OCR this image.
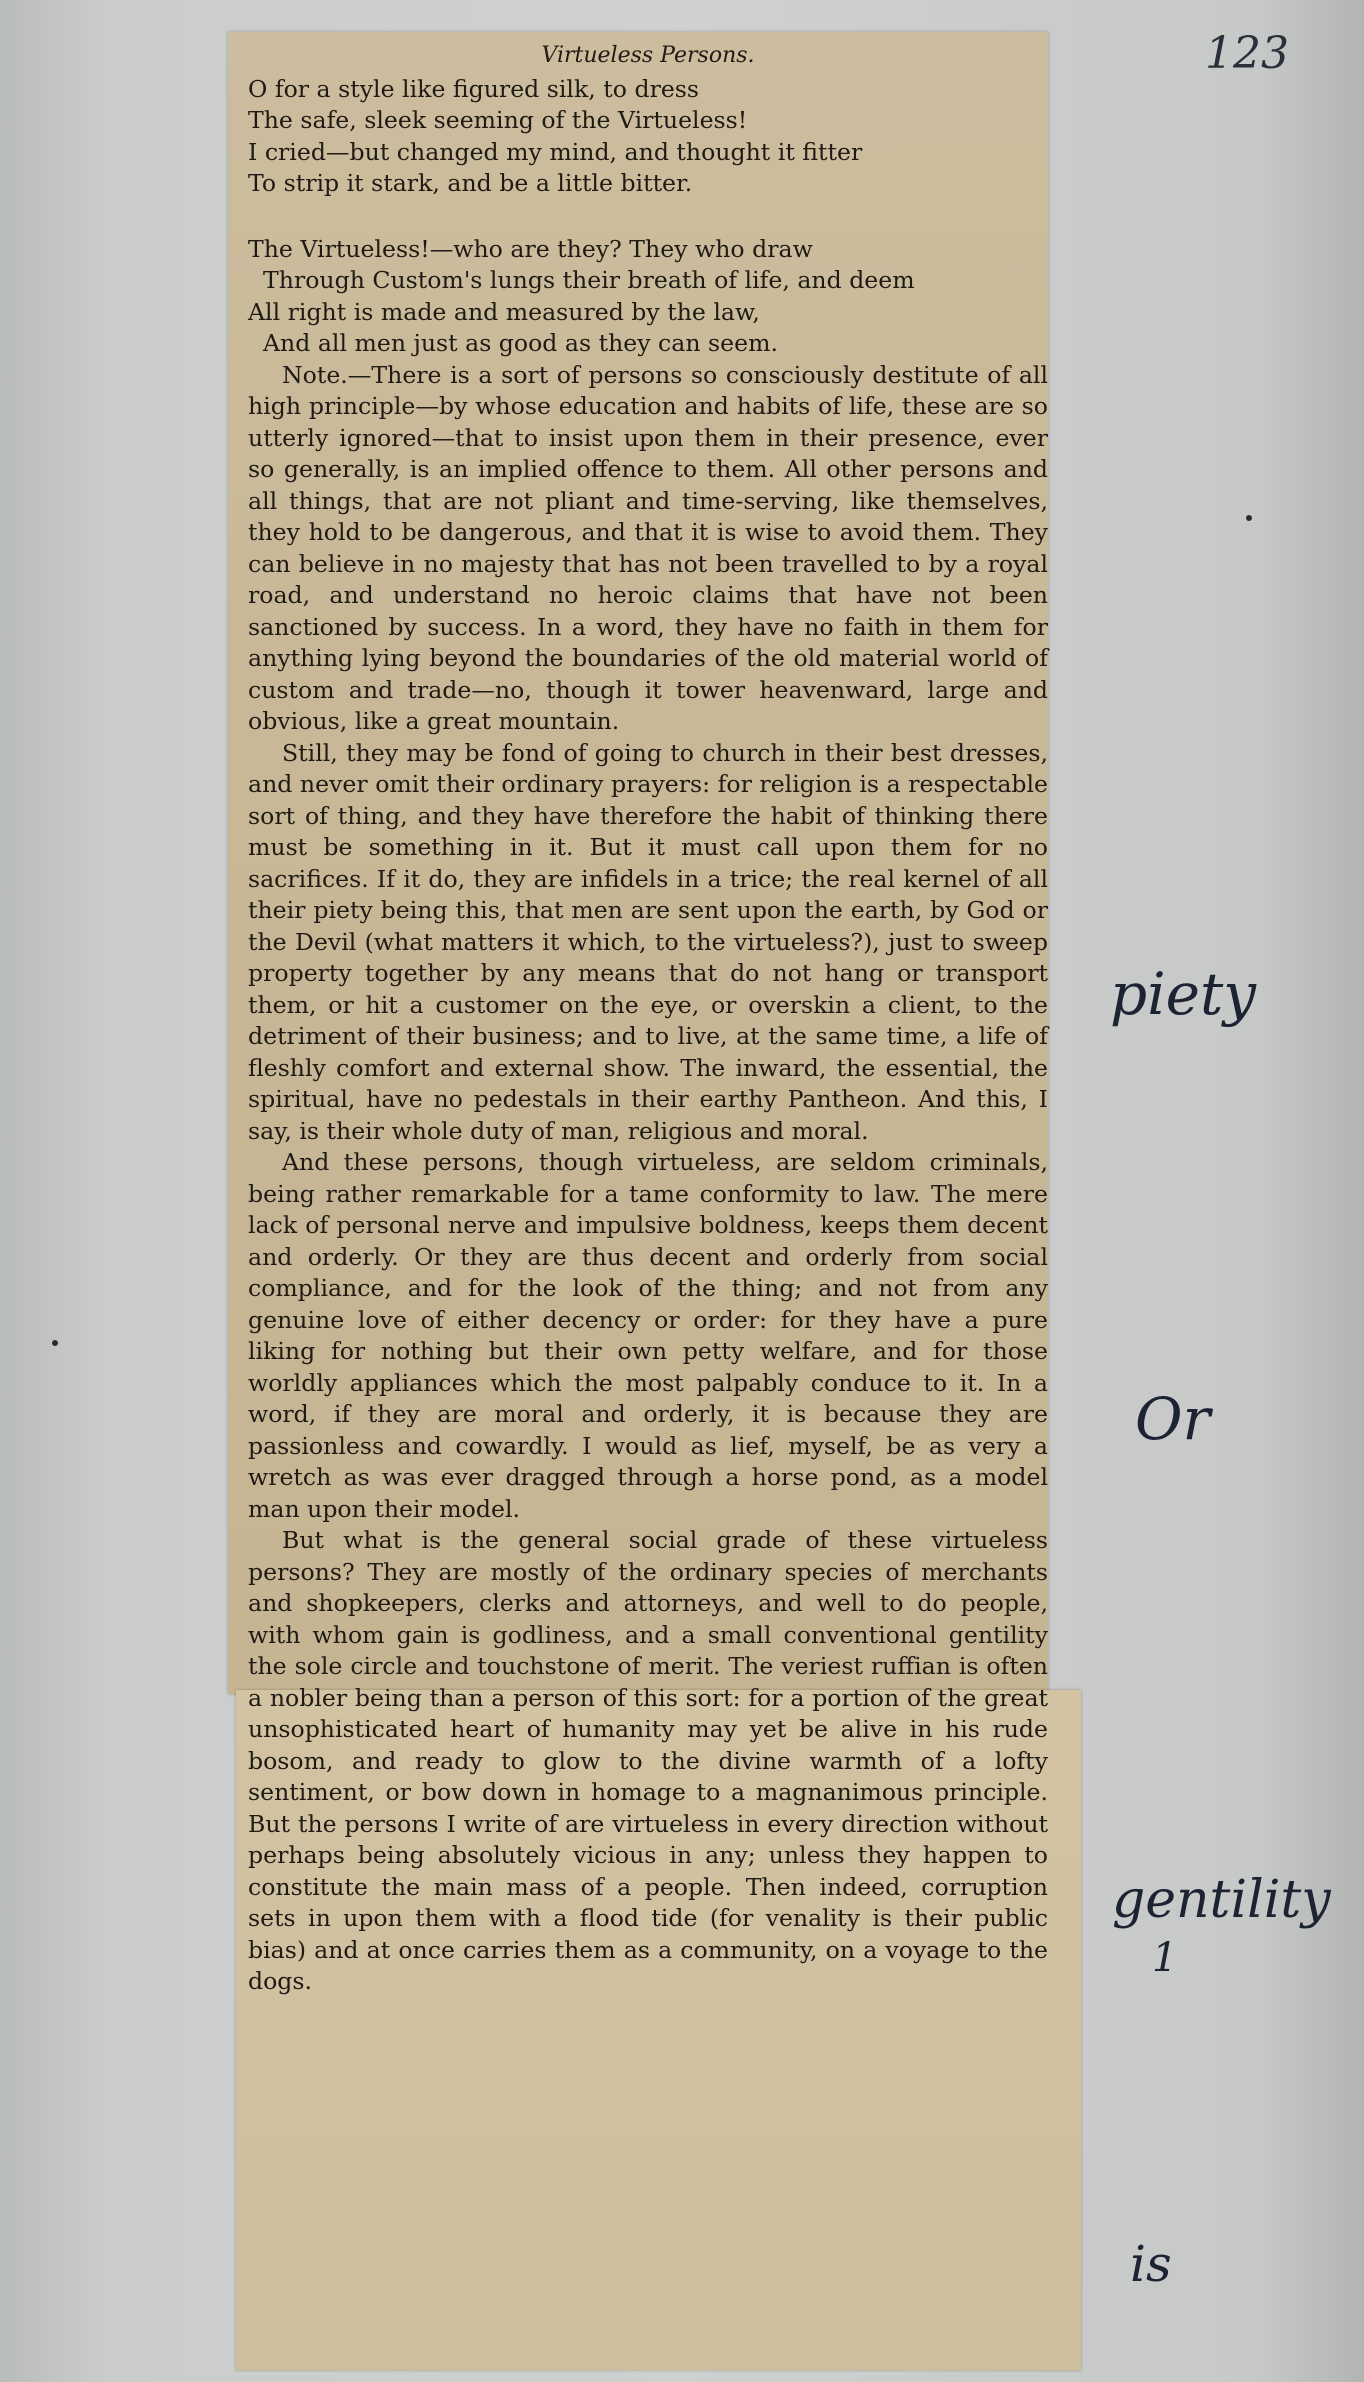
123
Virtueless Persons.

O for a style like figured silk, to dress

The safe, sleek seeming of the Virtueless!

I cried—but changed my mind, and thought it fitter

To strip it stark, and be a little bitter.

The Virtueless!—who are they? They who draw

Through Custom's lungs their breath of life, and deem

All right is made and measured by the law,

And all men just as good as they can seem.

Note.—There is a sort of persons so consciously destitute of all high principle—by whose education and habits of life, these are so utterly ignored—that to insist upon them in their presence, ever so generally, is an implied offence to them. All other persons and all things, that are not pliant and time-serving, like themselves, they hold to be dangerous, and that it is wise to avoid them. They can believe in no majesty that has not been travelled to by a royal road, and understand no heroic claims that have not been sanctioned by success. In a word, they have no faith in them for anything lying beyond the boundaries of the old material world of custom and trade—no, though it tower heavenward, large and obvious, like a great mountain.

Still, they may be fond of going to church in their best dresses, and never omit their ordinary prayers: for religion is a respectable sort of thing, and they have therefore the habit of thinking there must be something in it. But it must call upon them for no sacrifices. If it do, they are infidels in a trice; the real kernel of all their piety being this, that men are sent upon the earth, by God or the Devil (what matters it which, to the virtueless?), just to sweep property together by any means that do not hang or transport them, or hit a customer on the eye, or overskin a client, to the detriment of their business; and to live, at the same time, a life of fleshly comfort and external show. The inward, the essential, the spiritual, have no pedestals in their earthy Pantheon. And this, I say, is their whole duty of man, religious and moral.

And these persons, though virtueless, are seldom criminals, being rather remarkable for a tame conformity to law. The mere lack of personal nerve and impulsive boldness, keeps them decent and orderly. Or they are thus decent and orderly from social compliance, and for the look of the thing; and not from any genuine love of either decency or order: for they have a pure liking for nothing but their own petty welfare, and for those worldly appliances which the most palpably conduce to it. In a word, if they are moral and orderly, it is because they are passionless and cowardly. I would as lief, myself, be as very a wretch as was ever dragged through a horse pond, as a model man upon their model.

But what is the general social grade of these virtueless persons? They are mostly of the ordinary species of merchants and shopkeepers, clerks and attorneys, and well to do people, with whom gain is godliness, and a small conventional gentility the sole circle and touchstone of merit. The veriest ruffian is often a nobler being than a person of this sort: for a portion of the great unsophisticated heart of humanity may yet be alive in his rude bosom, and ready to glow to the divine warmth of a lofty sentiment, or bow down in homage to a magnanimous principle. But the persons I write of are virtueless in every direction without perhaps being absolutely vicious in any; unless they happen to constitute the main mass of a people. Then indeed, corruption sets in upon them with a flood tide (for venality is their public bias) and at once carries them as a community, on a voyage to the dogs.

piety
Or
gentility
1
is
